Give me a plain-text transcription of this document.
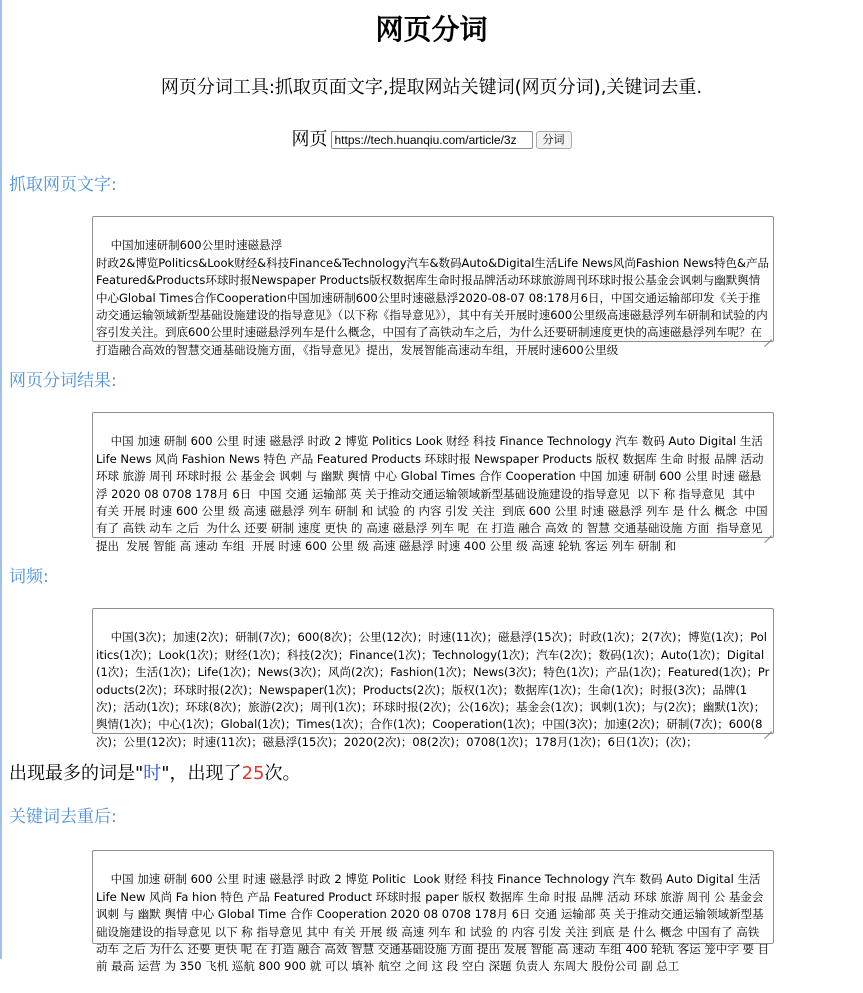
网页分词
网页分词工具:抓取页面文字,提取网站关键词(网页分词),关键词去重.
网页
https://tech.huanqiu.com/article/3z	分词
抓取网页文字:

中国加速研制600公里时速磁悬浮
时政2&博览Politics&Look财经&科技Finance&Technology汽车&数码Auto&Digital生活Life News风尚Fashion News特色&产品Featured&Products环球时报Newspaper Products版权数据库生命时报品牌活动环球旅游周刊环球时报公基金会讽刺与幽默舆情中心Global Times合作Cooperation中国加速研制600公里时速磁悬浮2020-08-07 08:178月6日，中国交通运输部印发《关于推动交通运输领域新型基础设施建设的指导意见》（以下称《指导意见》），其中有关开展时速600公里级高速磁悬浮列车研制和试验的内容引发关注。到底600公里时速磁悬浮列车是什么概念，中国有了高铁动车之后，为什么还要研制速度更快的高速磁悬浮列车呢？在打造融合高效的智慧交通基础设施方面，《指导意见》提出，发展智能高速动车组，开展时速600公里级

网页分词结果:

中国 加速 研制 600 公里 时速 磁悬浮 时政 2 博览 Politics Look 财经 科技 Finance Technology 汽车 数码 Auto Digital 生活 Life News 风尚 Fashion News 特色 产品 Featured Products 环球时报 Newspaper Products 版权 数据库 生命 时报 品牌 活动 环球 旅游 周刊 环球时报 公 基金会 讽刺 与 幽默 舆情 中心 Global Times 合作 Cooperation 中国 加速 研制 600 公里 时速 磁悬浮 2020 08 0708 178月 6日  中国 交通 运输部 英 关于推动交通运输领域新型基础设施建设的指导意见  以下 称 指导意见  其中 有关 开展 时速 600 公里 级 高速 磁悬浮 列车 研制 和 试验 的 内容 引发 关注  到底 600 公里 时速 磁悬浮 列车 是 什么 概念  中国 有了 高铁 动车 之后  为什么 还要 研制 速度 更快 的 高速 磁悬浮 列车 呢  在 打造 融合 高效 的 智慧 交通基础设施 方面  指导意见 提出  发展 智能 高 速动 车组  开展 时速 600 公里 级 高速 磁悬浮 时速 400 公里 级 高速 轮轨 客运 列车 研制 和

词频:

中国(3次)；加速(2次)；研制(7次)；600(8次)；公里(12次)；时速(11次)；磁悬浮(15次)；时政(1次)；2(7次)；博览(1次)；Politics(1次)；Look(1次)；财经(1次)；科技(2次)；Finance(1次)；Technology(1次)；汽车(2次)；数码(1次)；Auto(1次)；Digital(1次)；生活(1次)；Life(1次)；News(3次)；风尚(2次)；Fashion(1次)；News(3次)；特色(1次)；产品(1次)；Featured(1次)；Products(2次)；环球时报(2次)；Newspaper(1次)；Products(2次)；版权(1次)；数据库(1次)；生命(1次)；时报(3次)；品牌(1次)；活动(1次)；环球(8次)；旅游(2次)；周刊(1次)；环球时报(2次)；公(16次)；基金会(1次)；讽刺(1次)；与(2次)；幽默(1次)；舆情(1次)；中心(1次)；Global(1次)；Times(1次)；合作(1次)；Cooperation(1次)；中国(3次)；加速(2次)；研制(7次)；600(8次)；公里(12次)；时速(11次)；磁悬浮(15次)；2020(2次)；08(2次)；0708(1次)；178月(1次)；6日(1次)；(次)；

出现最多的词是"时"，出现了25次。
关键词去重后:

中国 加速 研制 600 公里 时速 磁悬浮 时政 2 博览 Politic  Look 财经 科技 Finance Technology 汽车 数码 Auto Digital 生活 Life New 风尚 Fa hion 特色 产品 Featured Product 环球时报 paper 版权 数据库 生命 时报 品牌 活动 环球 旅游 周刊 公 基金会 讽刺 与 幽默 舆情 中心 Global Time 合作 Cooperation 2020 08 0708 178月 6日 交通 运输部 英 关于推动交通运输领域新型基础设施建设的指导意见 以下 称 指导意见 其中 有关 开展 级 高速 列车 和 试验 的 内容 引发 关注 到底 是 什么 概念 中国有了 高铁 动车 之后 为什么 还要 更快 呢 在 打造 融合 高效 智慧 交通基础设施 方面 提出 发展 智能 高 速动 车组 400 轮轨 客运 笼中字 要 目前 最高 运营 为 350 飞机 巡航 800 900 就 可以 填补 航空 之间 这 段 空白 深题 负责人 东周大 股份公司 副 总工
